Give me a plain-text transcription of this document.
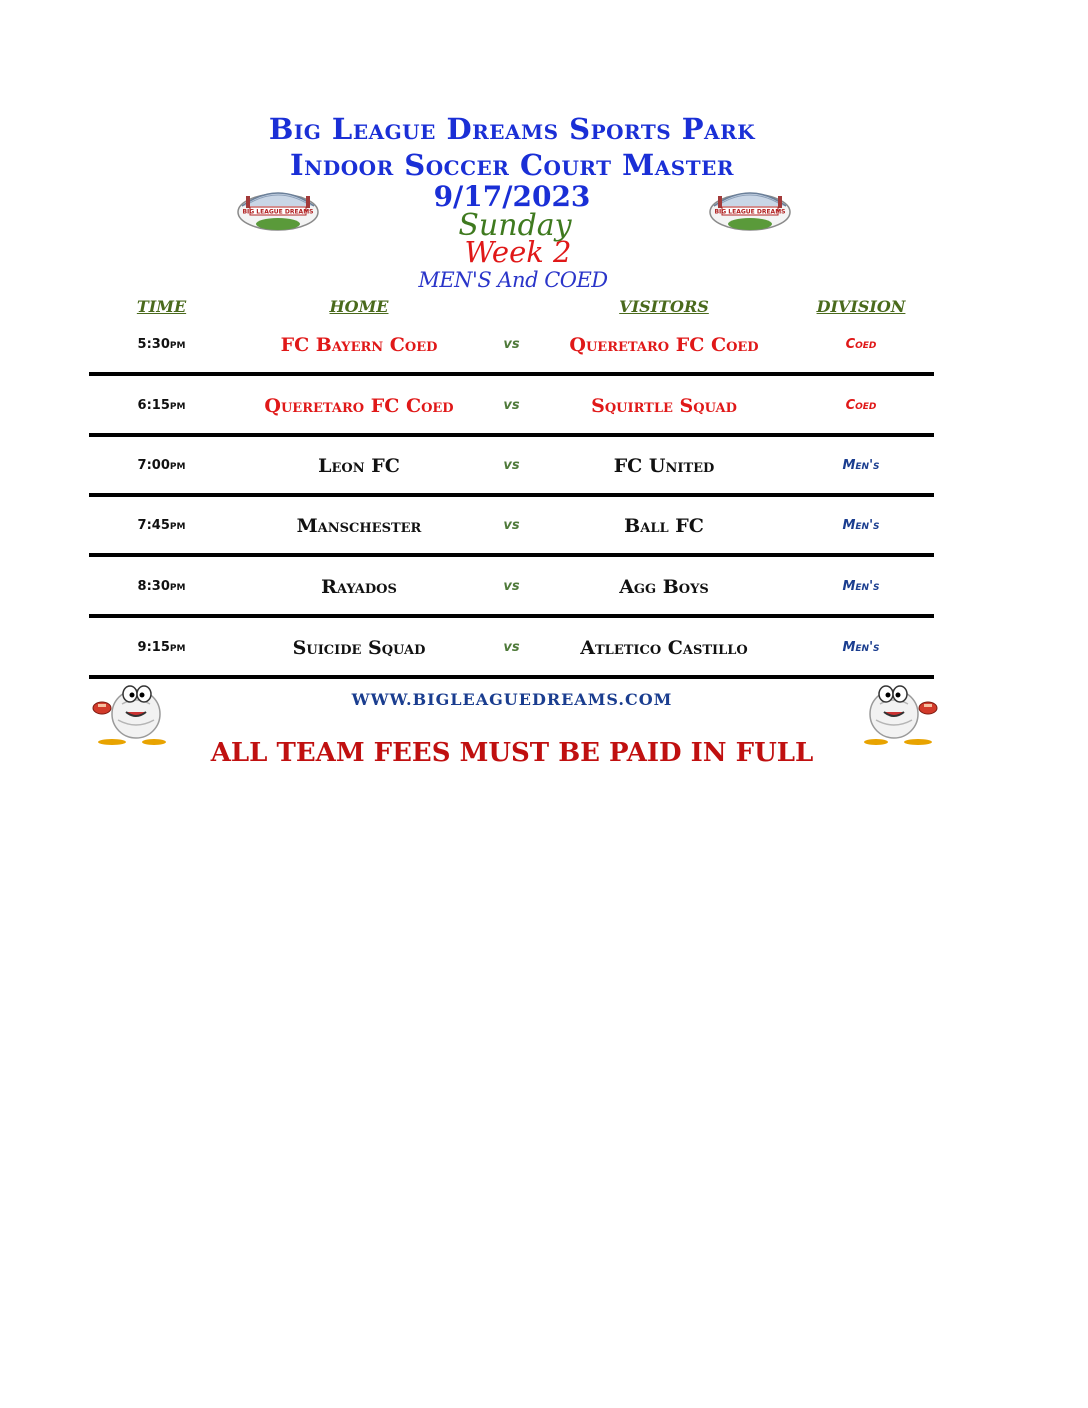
Big League Dreams Sports Park
Indoor Soccer Court Master
9/17/2023
Sunday
Week 2
MEN'S And COED
BIG LEAGUE DREAMS	BIG LEAGUE DREAMS
TIME	HOME	VISITORS	DIVISION
5:30pm	FC Bayern Coed	vs	Queretaro FC Coed	Coed
6:15pm	Queretaro FC Coed	vs	Squirtle Squad	Coed
7:00pm	Leon FC	vs	FC United	Men's
7:45pm	Manschester	vs	Ball FC	Men's
8:30pm	Rayados	vs	Agg Boys	Men's
9:15pm	Suicide Squad	vs	Atletico Castillo	Men's
WWW.BIGLEAGUEDREAMS.COM
ALL TEAM FEES MUST BE PAID IN FULL
